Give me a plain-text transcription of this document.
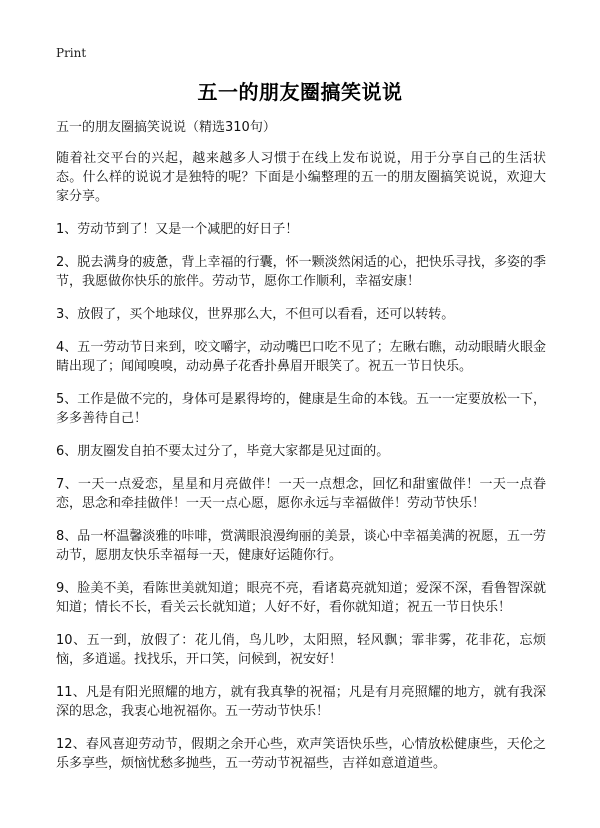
Print
五一的朋友圈搞笑说说

五一的朋友圈搞笑说说（精选310句）

随着社交平台的兴起，越来越多人习惯于在线上发布说说，用于分享自己的生活状态。什么样的说说才是独特的呢？下面是小编整理的五一的朋友圈搞笑说说，欢迎大家分享。

1、劳动节到了！又是一个减肥的好日子！

2、脱去满身的疲惫，背上幸福的行囊，怀一颗淡然闲适的心，把快乐寻找，多姿的季节，我愿做你快乐的旅伴。劳动节，愿你工作顺利，幸福安康！

3、放假了，买个地球仪，世界那么大，不但可以看看，还可以转转。

4、五一劳动节日来到，咬文嚼字，动动嘴巴口吃不见了；左瞅右瞧，动动眼睛火眼金睛出现了；闻闻嗅嗅，动动鼻子花香扑鼻眉开眼笑了。祝五一节日快乐。

5、工作是做不完的，身体可是累得垮的，健康是生命的本钱。五一一定要放松一下，多多善待自己！

6、朋友圈发自拍不要太过分了，毕竟大家都是见过面的。

7、一天一点爱恋，星星和月亮做伴！一天一点想念，回忆和甜蜜做伴！一天一点眷恋，思念和牵挂做伴！一天一点心愿，愿你永远与幸福做伴！劳动节快乐！

8、品一杯温馨淡雅的咔啡，赏满眼浪漫绚丽的美景，谈心中幸福美满的祝愿，五一劳动节，愿朋友快乐幸福每一天，健康好运随你行。

9、脸美不美，看陈世美就知道；眼亮不亮，看诸葛亮就知道；爱深不深，看鲁智深就知道；情长不长，看关云长就知道；人好不好，看你就知道；祝五一节日快乐！

10、五一到，放假了：花儿俏，鸟儿吵，太阳照，轻风飘；霏非雾，花非花，忘烦恼，多逍遥。找找乐，开口笑，问候到，祝安好！

11、凡是有阳光照耀的地方，就有我真挚的祝福；凡是有月亮照耀的地方，就有我深深的思念，我衷心地祝福你。五一劳动节快乐！

12、春风喜迎劳动节，假期之余开心些，欢声笑语快乐些，心情放松健康些，天伦之乐多享些，烦恼忧愁多抛些，五一劳动节祝福些，吉祥如意道道些。
